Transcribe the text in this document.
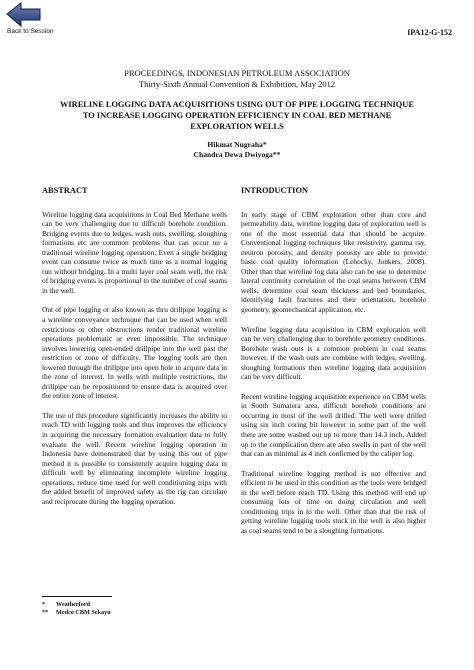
Back to Session	IPA12-G-152
PROCEEDINGS, INDONESIAN PETROLEUM ASSOCIATION
Thirty-Sixth Annual Convention & Exhibition, May 2012
WIRELINE LOGGING DATA ACQUISITIONS USING OUT OF PIPE LOGGING TECHNIQUE TO INCREASE LOGGING OPERATION EFFICIENCY IN COAL BED METHANE EXPLORATION WELLS
Hikmat Nugraha*
Chandra Dewa Dwiyoga**
ABSTRACT

Wireline logging data acquisitions in Coal Bed Methane wells can be very challenging due to difficult borehole condition. Bridging events due to ledges, wash outs, swelling, sloughing formations etc are common problems that can occur on a traditional wireline logging operation. Even a single bridging event can consume twice as much time as a normal logging run without bridging. In a multi layer coal seam well, the risk of bridging events is proportional to the number of coal seams in the well.

Out of pipe logging or also known as thru drillpipe logging is a wireline conveyance technique that can be used when well restrictions or other obstructions render traditional wireline operations problematic or even impossible. The technique involves lowering open-ended drillpipe into the well past the restriction or zone of difficulty. The logging tools are then lowered through the drillpipe into open hole to acquire data in the zone of interest. In wells with multiple restrictions, the drillpipe can be repositioned to ensure data is acquired over the entire zone of interest.

The use of this procedure significantly increases the ability to reach TD with logging tools and thus improves the efficiency in acquiring the necessary formation evaluation data to fully evaluate the well. Recent wireline logging operation in Indonesia have demonstrated that by using this out of pipe method it is possible to consistently acquire logging data in difficult well by eliminating incomplete wireline logging operations, reduce time used for well conditioning trips with the added benefit of improved safety as the rig can circulate and reciprocate during the logging operation.

INTRODUCTION

In early stage of CBM exploration other than core and permeability data, wireline logging data of exploration well is one of the most essential data that should be acquire. Conventional logging techniques like resistivity, gamma ray, neutron porosity, and density porosity are able to provide basic coal quality information (Lehocky, Jonkers, 2008). Other than that wireline log data also can be use to determine lateral continuity correlation of the coal seams between CBM wells, determine coal seam thickness and bed boundaries, identifying fault fractures and their orientation, borehole geometry, geomechanical application, etc.

Wireline logging data acquisition in CBM exploration well can be very challenging due to borehole geometry conditions. Borehole wash outs is a common problem in coal seams however, if the wash outs are combine with ledges, swelling, sloughing formations then wireline logging data acquisition can be very difficult.

Recent wireline logging acquisition experience on CBM wells in South Sumatera area, difficult borehole conditions are occurring in most of the well drilled. The well were drilled using six inch coring bit however in some part of the well there are some washed out up to more than 14.3 inch. Added up to the complication there are also swells in part of the well that can as minimal as 4 inch confirmed by the caliper log.

Traditional wireline logging method is not effective and efficient to be used in this condition as the tools were bridged in the well before reach TD. Using this method will end up consuming lots of time on doing circulation and well conditioning trips in to the well. Other than that the risk of getting wireline logging tools stuck in the well is also higher as coal seams tend to be a sloughing formations.

* Weatherford
** Medco CBM Sekayu
